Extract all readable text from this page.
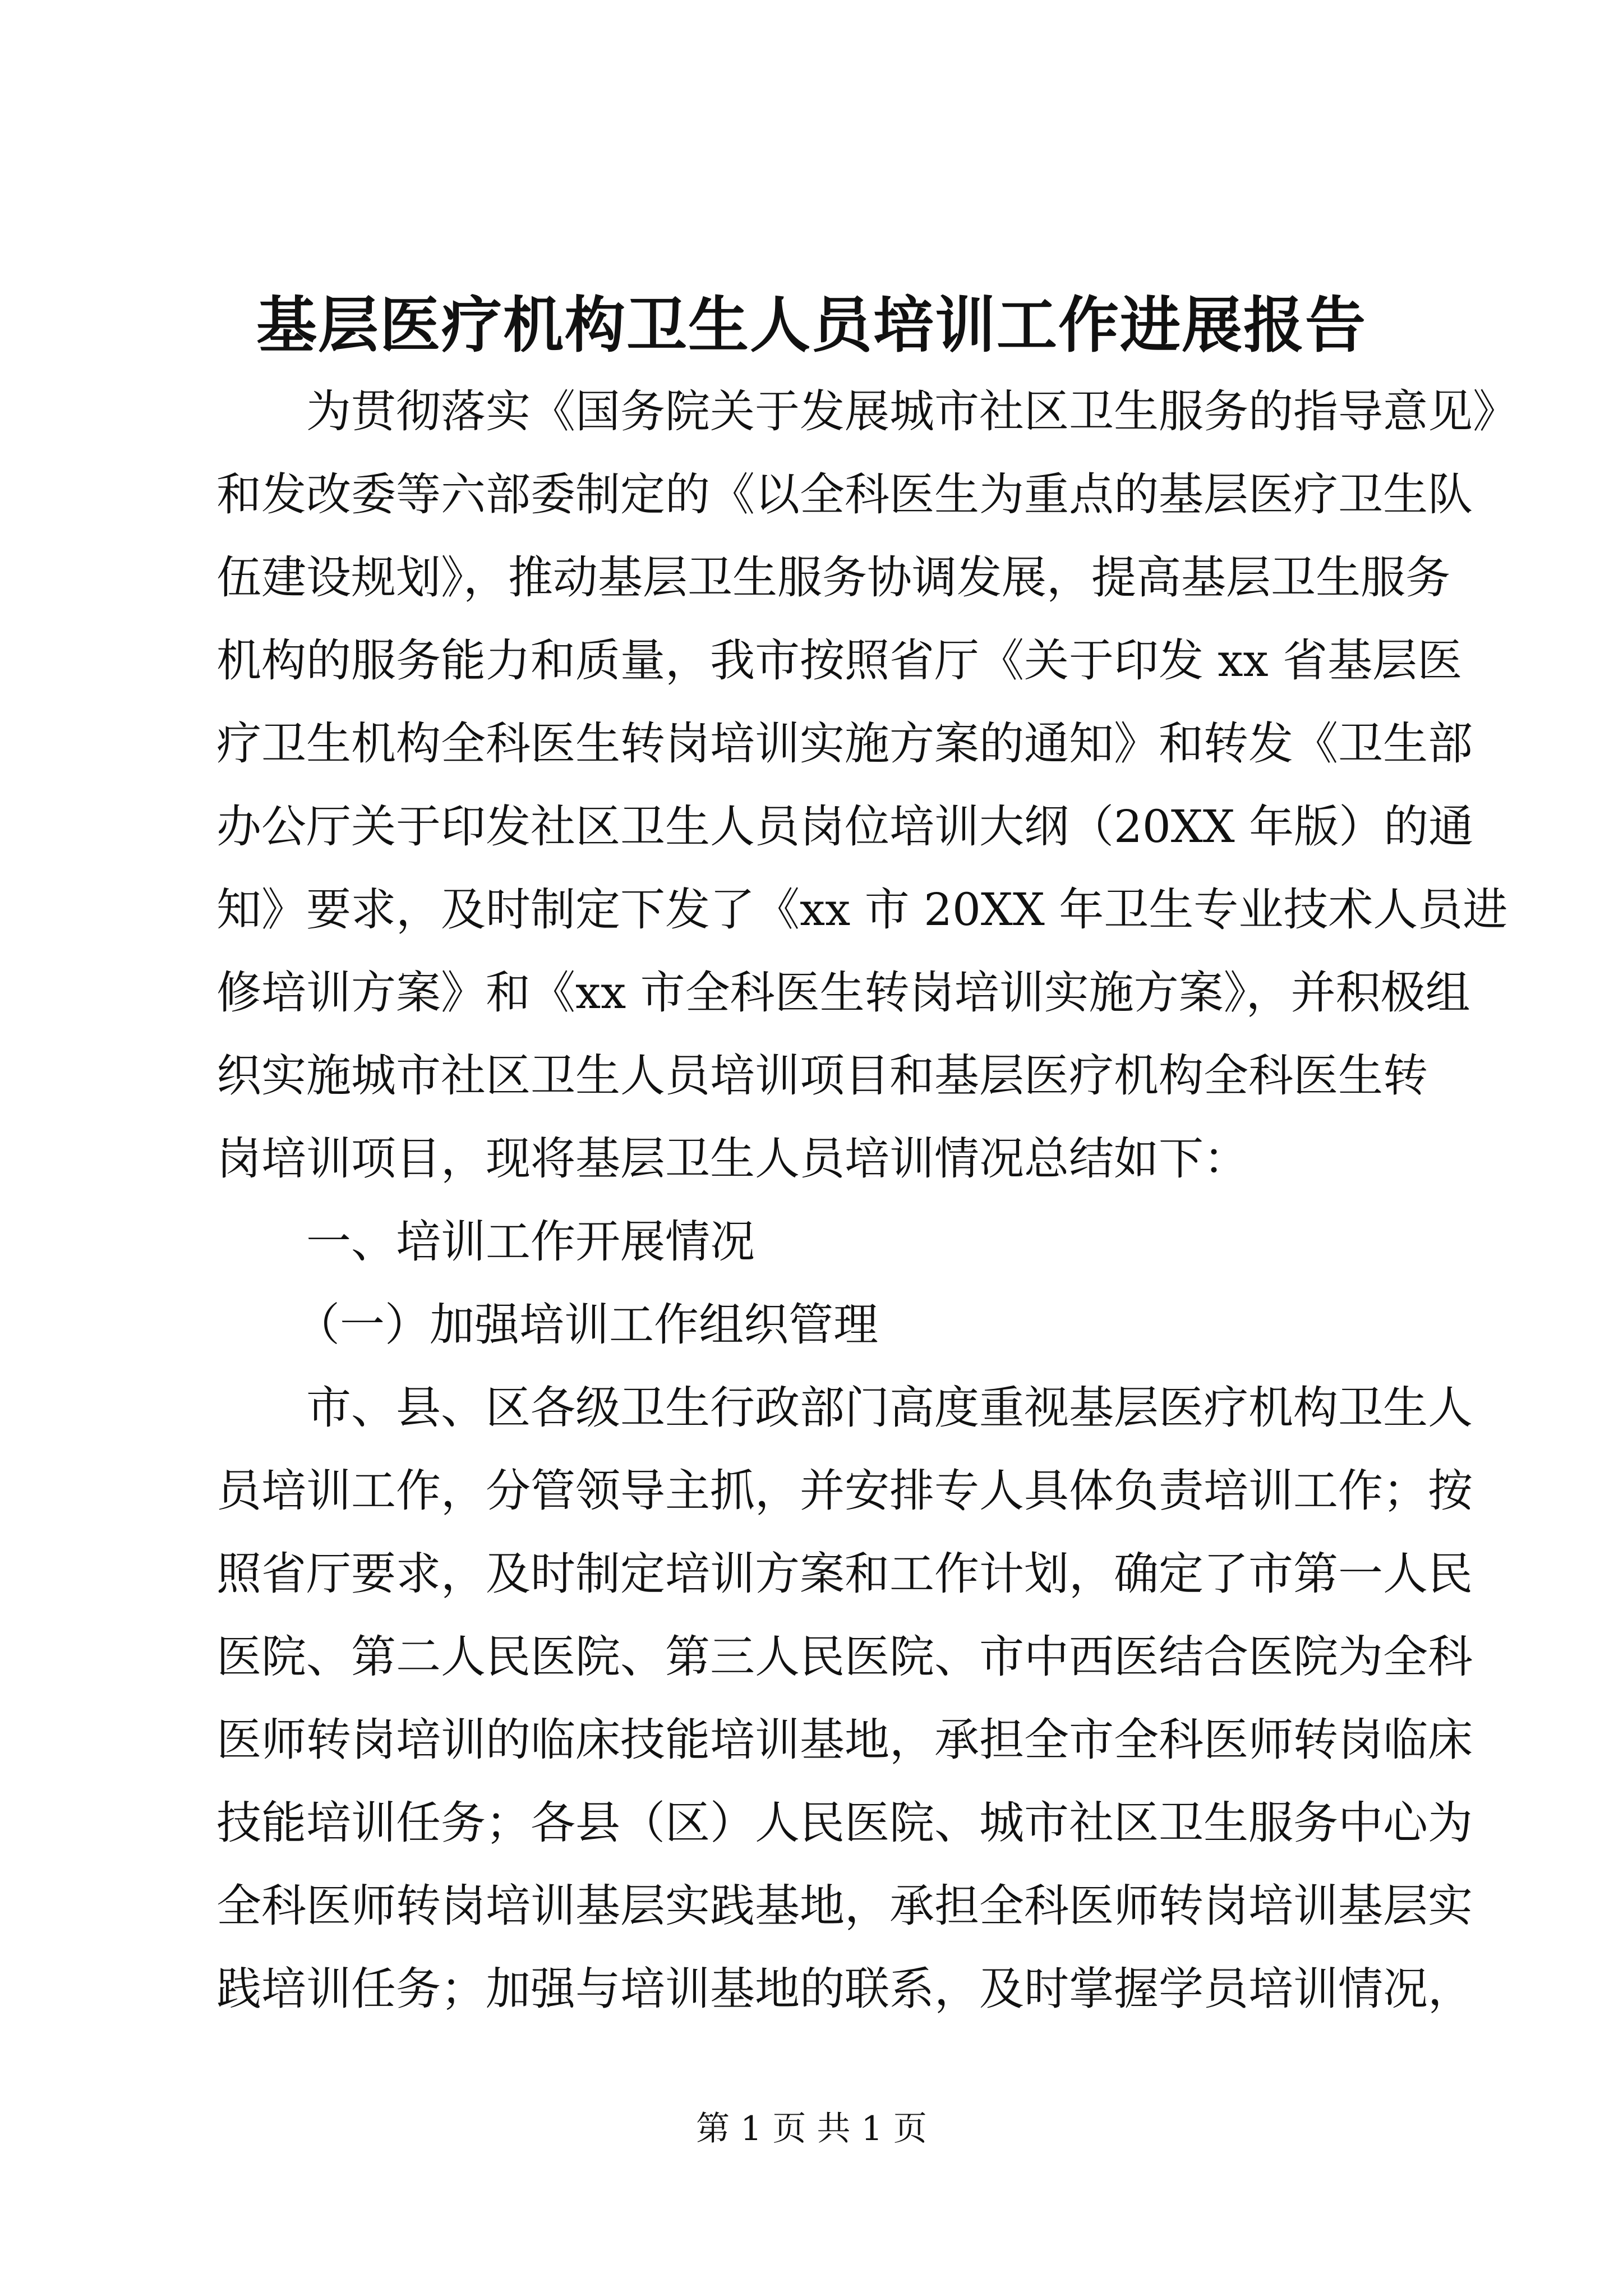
基层医疗机构卫生人员培训工作进展报告
为贯彻落实《国务院关于发展城市社区卫生服务的指导意见》
和发改委等六部委制定的《以全科医生为重点的基层医疗卫生队
伍建设规划》，推动基层卫生服务协调发展，提高基层卫生服务
机构的服务能力和质量，我市按照省厅《关于印发 xx 省基层医
疗卫生机构全科医生转岗培训实施方案的通知》和转发《卫生部
办公厅关于印发社区卫生人员岗位培训大纲（20XX 年版）的通
知》要求，及时制定下发了《xx 市 20XX 年卫生专业技术人员进
修培训方案》和《xx 市全科医生转岗培训实施方案》，并积极组
织实施城市社区卫生人员培训项目和基层医疗机构全科医生转
岗培训项目，现将基层卫生人员培训情况总结如下：
一、培训工作开展情况
（一）加强培训工作组织管理
市、县、区各级卫生行政部门高度重视基层医疗机构卫生人
员培训工作，分管领导主抓，并安排专人具体负责培训工作；按
照省厅要求，及时制定培训方案和工作计划，确定了市第一人民
医院、第二人民医院、第三人民医院、市中西医结合医院为全科
医师转岗培训的临床技能培训基地，承担全市全科医师转岗临床
技能培训任务；各县（区）人民医院、城市社区卫生服务中心为
全科医师转岗培训基层实践基地，承担全科医师转岗培训基层实
践培训任务；加强与培训基地的联系，及时掌握学员培训情况，
第 1 页 共 1 页
